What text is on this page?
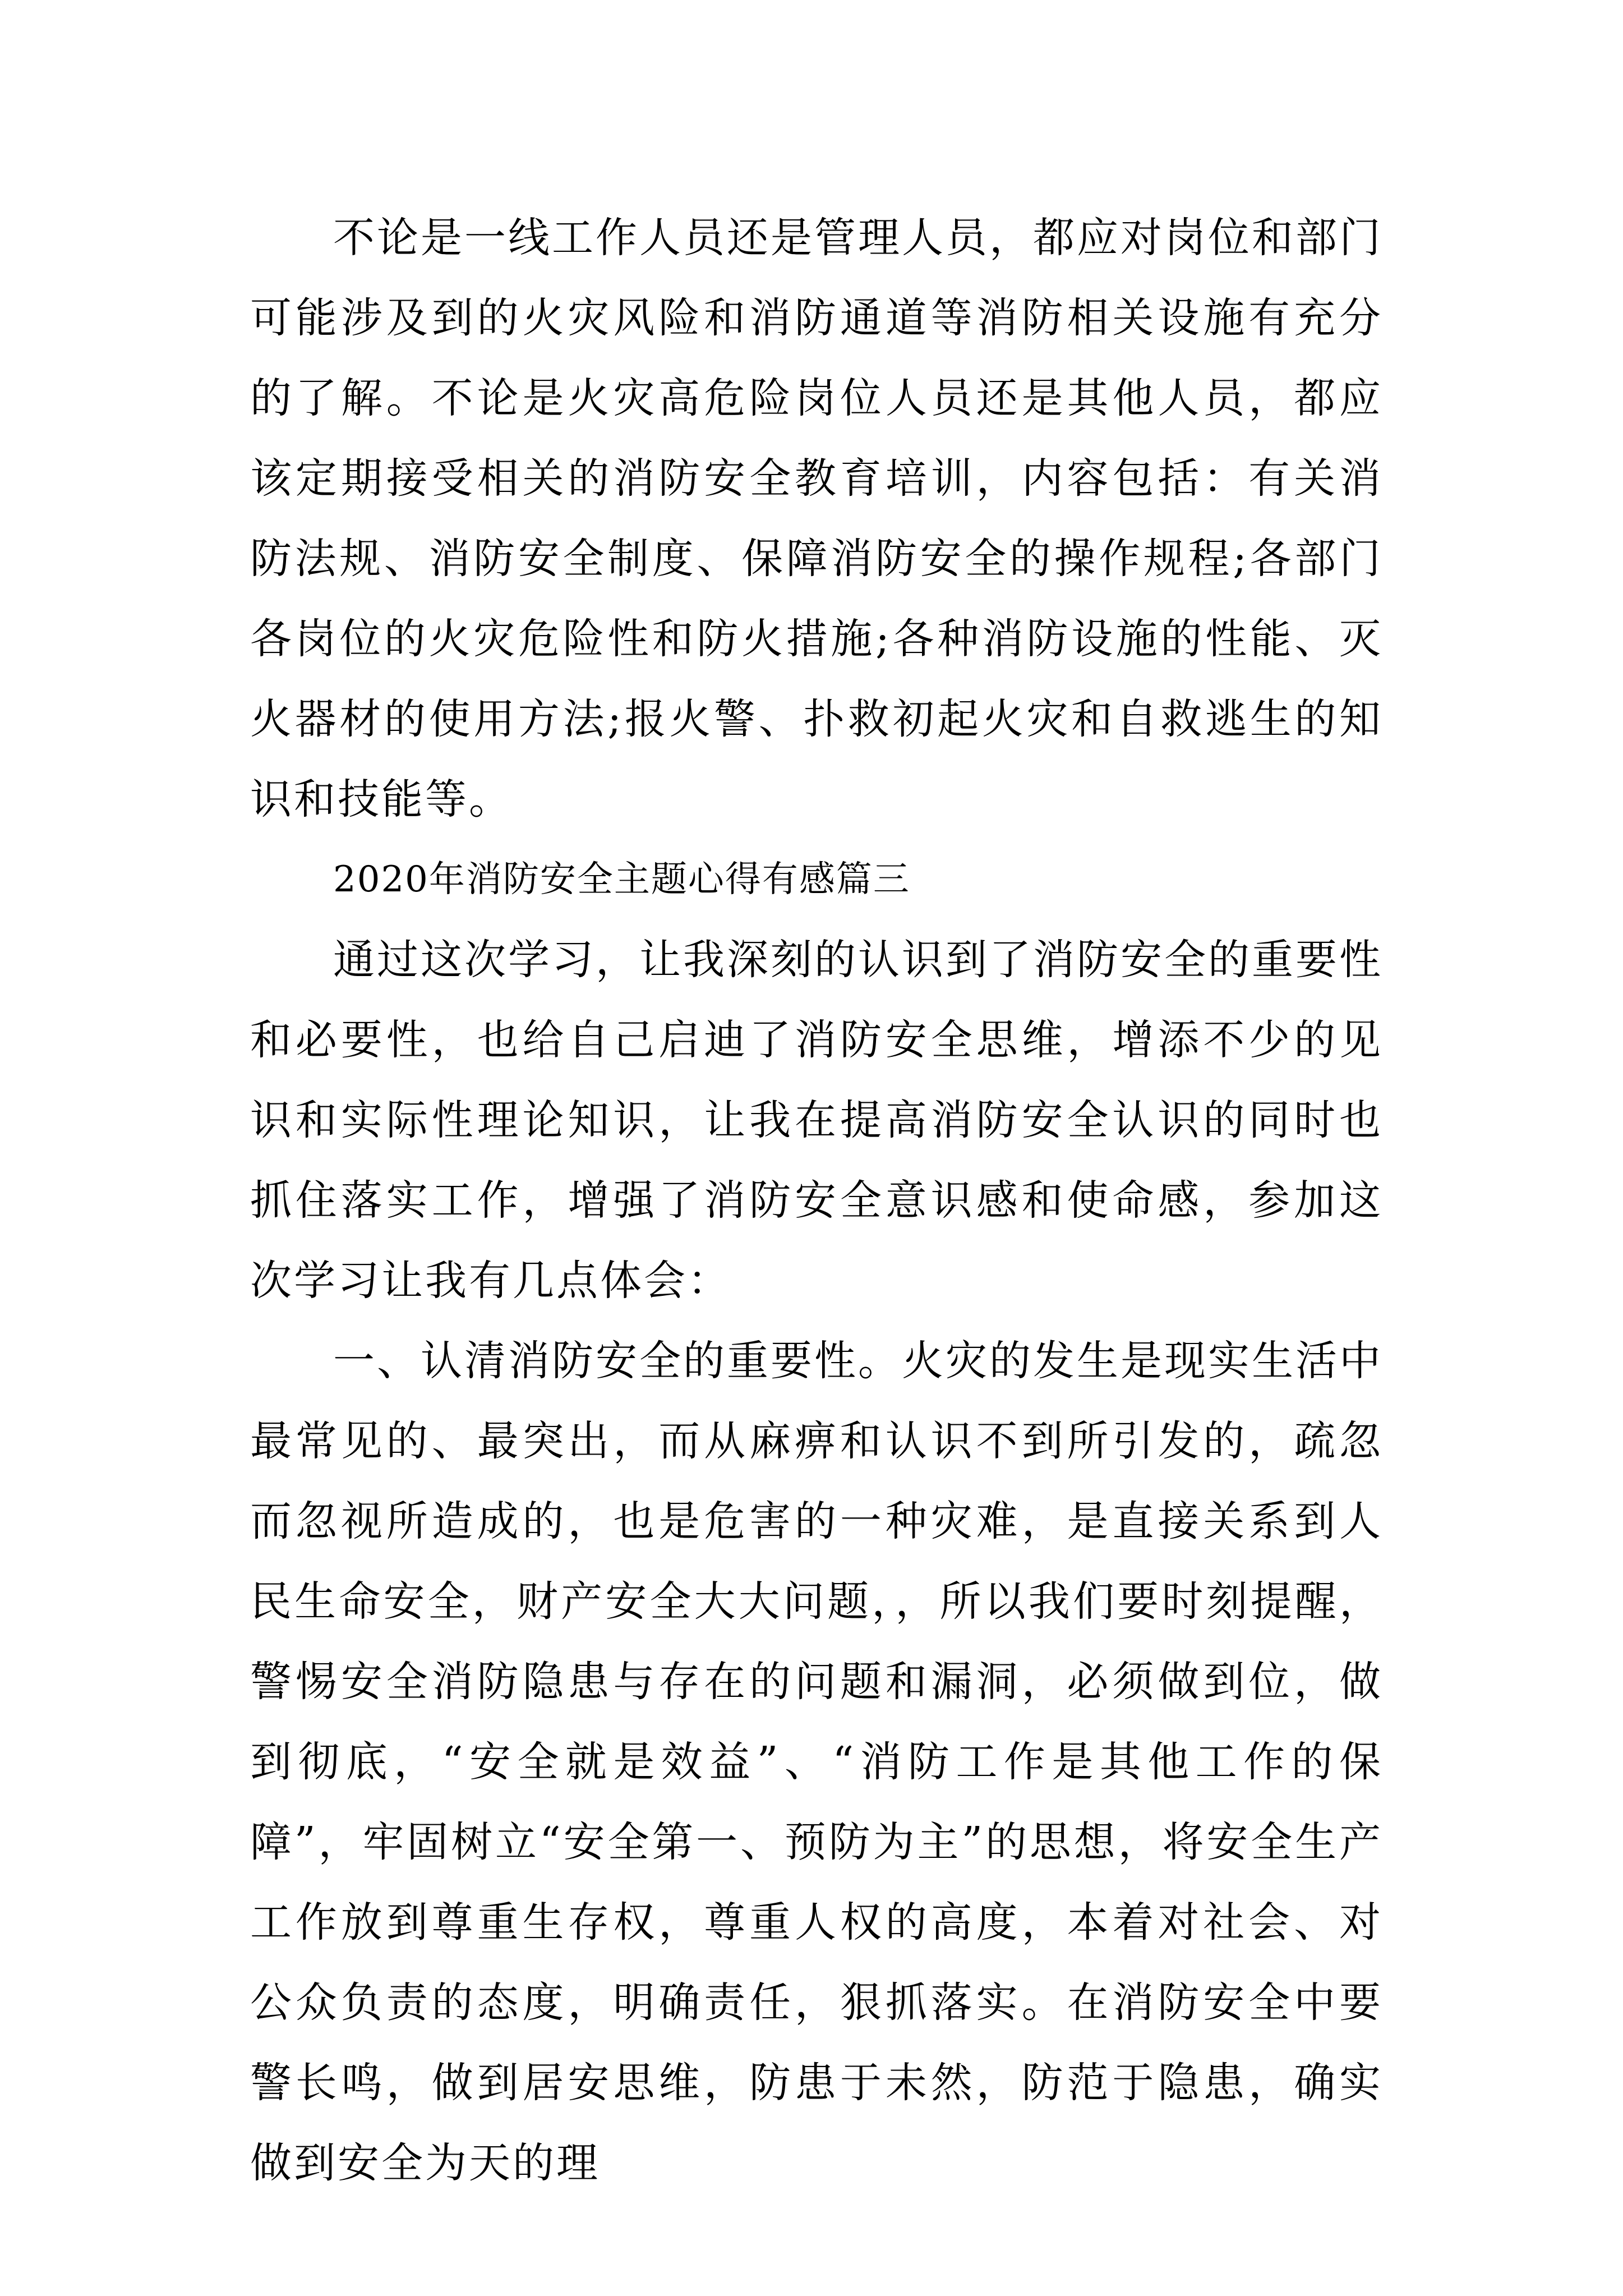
不论是一线工作人员还是管理人员，都应对岗位和部门可能涉及到的火灾风险和消防通道等消防相关设施有充分的了解。不论是火灾高危险岗位人员还是其他人员，都应该定期接受相关的消防安全教育培训，内容包括：有关消防法规、消防安全制度、保障消防安全的操作规程;各部门各岗位的火灾危险性和防火措施;各种消防设施的性能、灭火器材的使用方法;报火警、扑救初起火灾和自救逃生的知识和技能等。

2020年消防安全主题心得有感篇三

通过这次学习，让我深刻的认识到了消防安全的重要性和必要性，也给自己启迪了消防安全思维，增添不少的见识和实际性理论知识，让我在提高消防安全认识的同时也抓住落实工作，增强了消防安全意识感和使命感，参加这次学习让我有几点体会：

一、认清消防安全的重要性。火灾的发生是现实生活中最常见的、最突出，而从麻痹和认识不到所引发的，疏忽而忽视所造成的，也是危害的一种灾难，是直接关系到人民生命安全，财产安全大大问题，，所以我们要时刻提醒，警惕安全消防隐患与存在的问题和漏洞，必须做到位，做到彻底，“安全就是效益”、“消防工作是其他工作的保障”，牢固树立“安全第一、预防为主”的思想，将安全生产工作放到尊重生存权，尊重人权的高度，本着对社会、对公众负责的态度，明确责任，狠抓落实。在消防安全中要警长鸣，做到居安思维，防患于未然，防范于隐患，确实做到安全为天的理
